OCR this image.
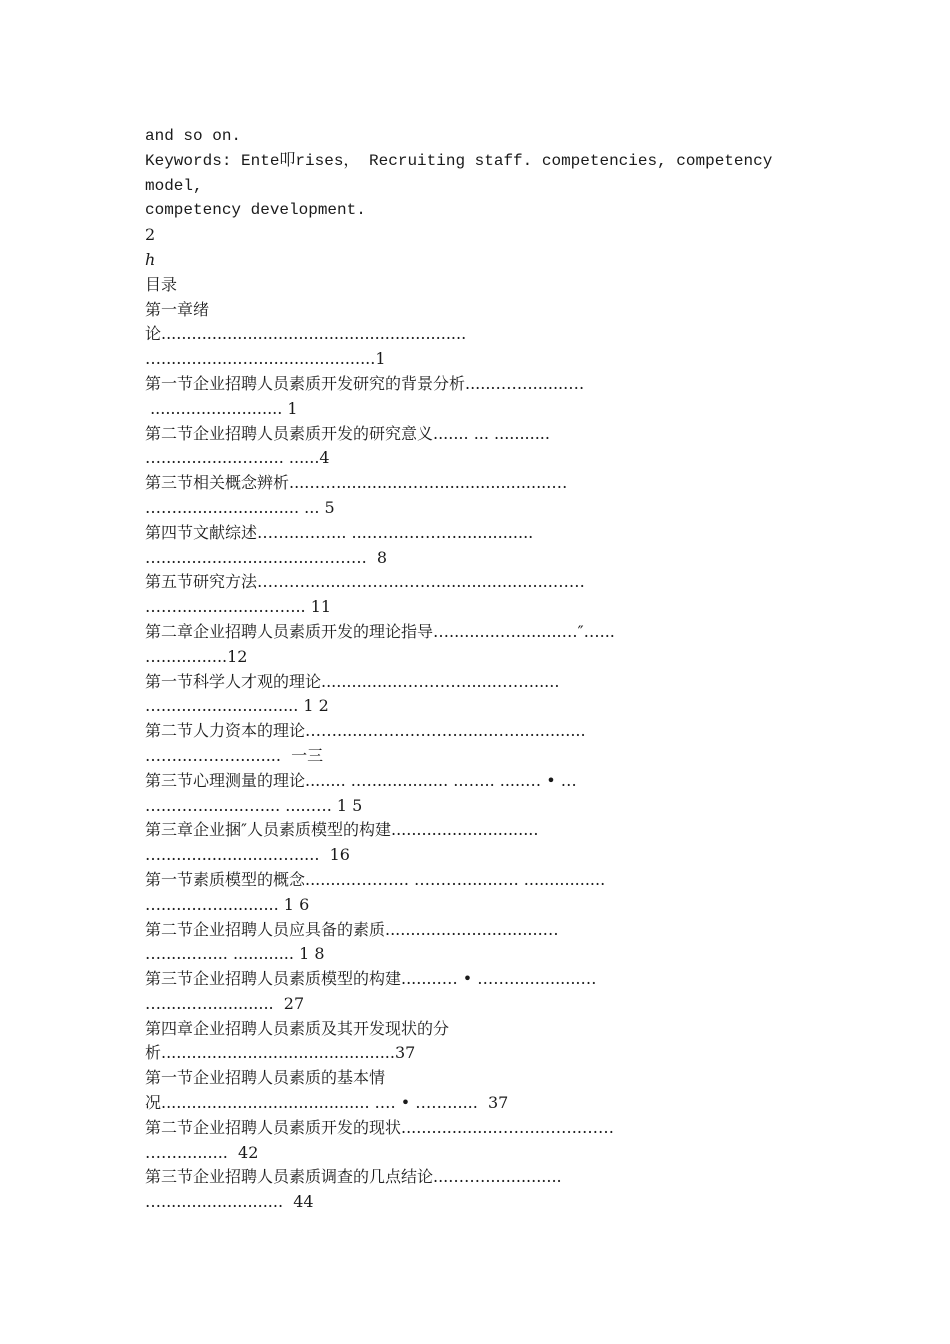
and so on.
Keywords: Ente叩rises， Recruiting staff. competencies, competency
model,
competency development.
2
h
目录
第一章绪
论............................................................
…...............…........................1
第一节企业招聘人员素质开发研究的背景分析......……........…
.......................... 1
第二节企业招聘人员素质开发的研究意义....... ... ...........
…................…..... ......4
第三节相关概念辨析....…….............……......................…
……........................ ... 5
第四节文献综述……..……... ...……..………...............
…..............................……….  8
第五节研究方法………........………..…….......................……
……................……... 11
第二章企业招聘人员素质开发的理论指导…..........….........…″…...
….............12
第一节科学人才观的理论................…………......……......
…........................... 1 2
第二节人力资本的理论……......……..……….......…...............
……..……….........  一三
第三节心理测量的理论........ .…............... ..…... .....… • …
…..……........….... .....…. 1 5
第三章企业捆″人员素质模型的构建.............................
….......................….....  16
第一节素质模型的概念.........……….. ……….......…. ................
…........…............ 1 6
第二节企业招聘人员应具备的素质...............................…
…......….... ............ 1 8
第三节企业招聘人员素质模型的构建........… • ……..............…
…......….............  27
第四章企业招聘人员素质及其开发现状的分
析..............................................37
第一节企业招聘人员素质的基本情
况......................................... .… • ……......  37
第二节企业招聘人员素质开发的现状...................……..……..……
……..........  42
第三节企业招聘人员素质调查的几点结论....……...............
…........................  44
